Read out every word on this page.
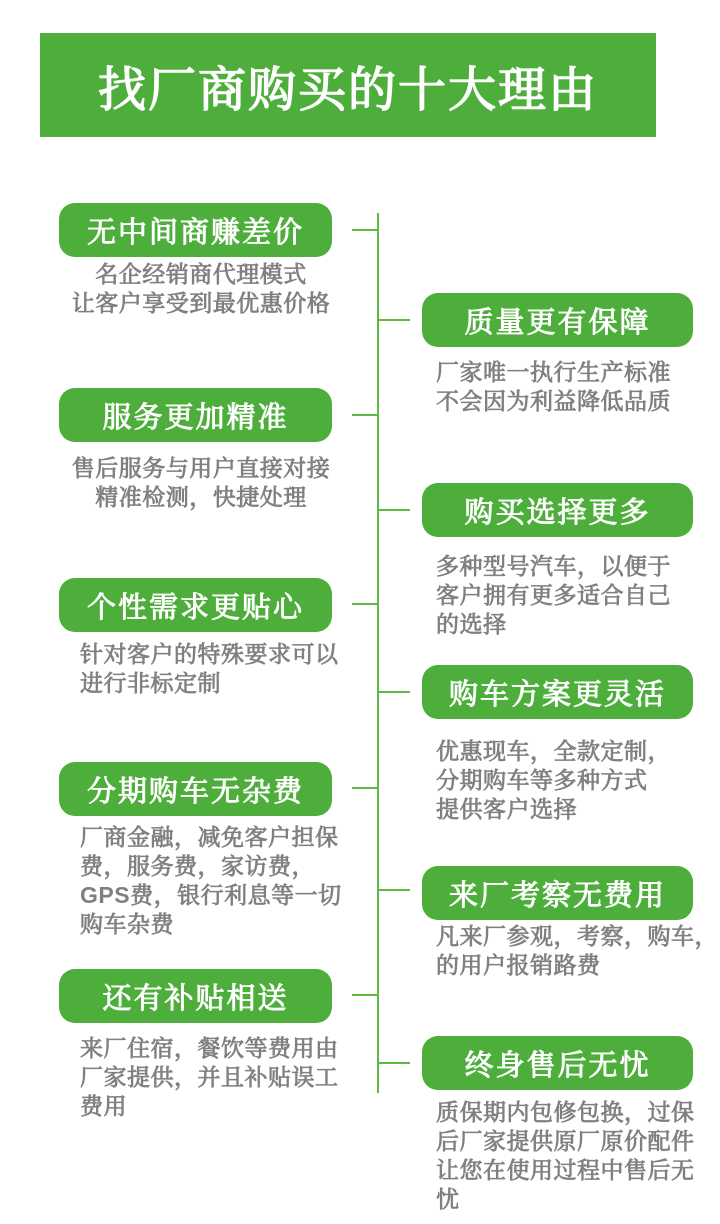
找厂商购买的十大理由
无中间商赚差价
名企经销商代理模式
让客户享受到最优惠价格
质量更有保障
厂家唯一执行生产标准
不会因为利益降低品质
服务更加精准
售后服务与用户直接对接
精准检测，快捷处理	购买选择更多
多种型号汽车，以便于
客户拥有更多适合自己
的选择
个性需求更贴心
针对客户的特殊要求可以
进行非标定制	购车方案更灵活
优惠现车，全款定制，
分期购车等多种方式
提供客户选择
分期购车无杂费
厂商金融，减免客户担保
费，服务费，家访费，
GPS费，银行利息等一切
购车杂费
来厂考察无费用
凡来厂参观，考察，购车，
的用户报销路费
还有补贴相送
来厂住宿，餐饮等费用由
厂家提供，并且补贴误工
费用
终身售后无忧
质保期内包修包换，过保
后厂家提供原厂原价配件
让您在使用过程中售后无
忧
